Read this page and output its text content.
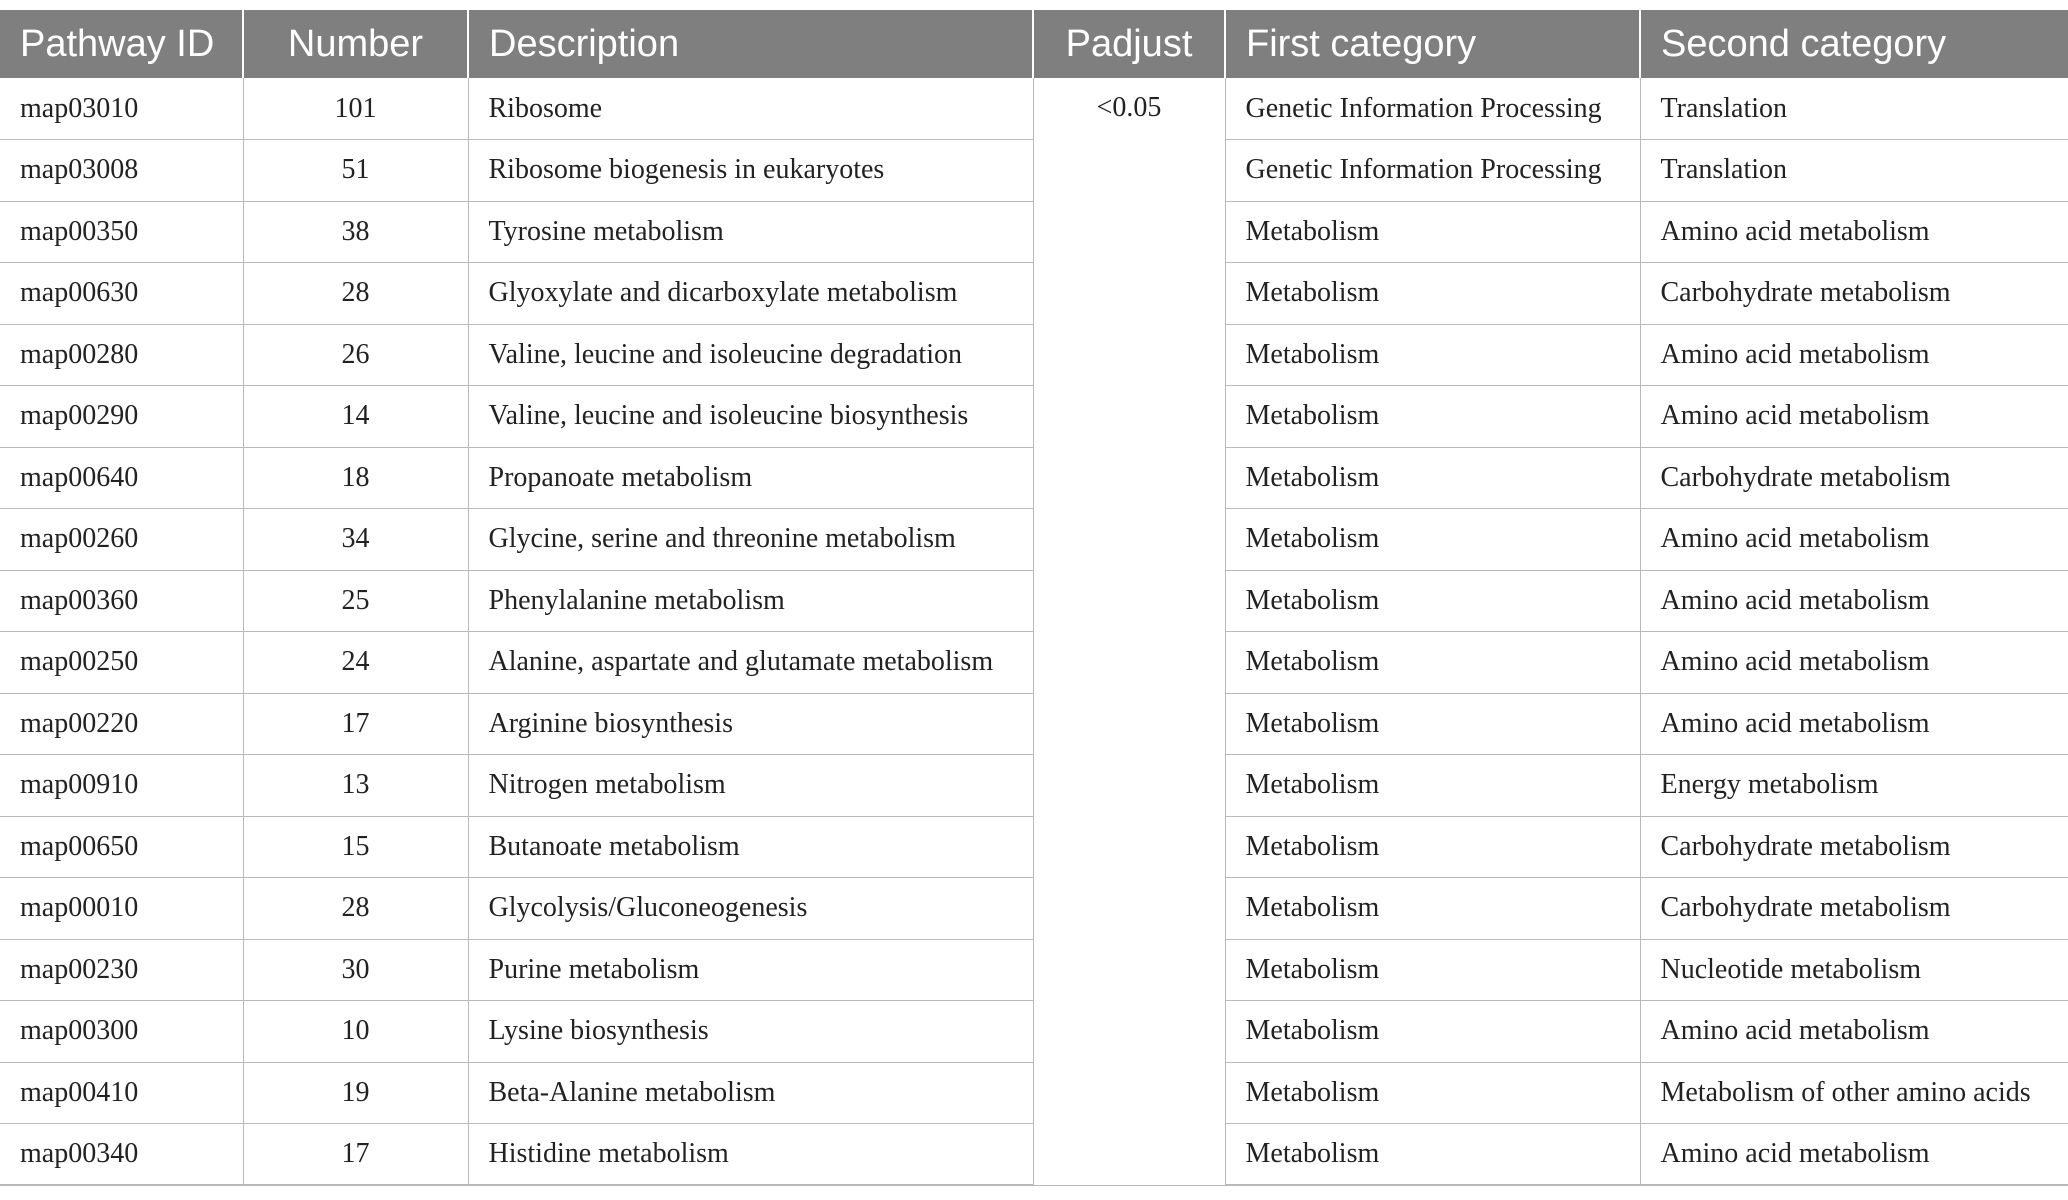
Pathway ID	Number	Description	Padjust	First category	Second category
map03010	101	Ribosome	<0.05	Genetic Information Processing	Translation
map03008	51	Ribosome biogenesis in eukaryotes		Genetic Information Processing	Translation
map00350	38	Tyrosine metabolism		Metabolism	Amino acid metabolism
map00630	28	Glyoxylate and dicarboxylate metabolism		Metabolism	Carbohydrate metabolism
map00280	26	Valine, leucine and isoleucine degradation		Metabolism	Amino acid metabolism
map00290	14	Valine, leucine and isoleucine biosynthesis		Metabolism	Amino acid metabolism
map00640	18	Propanoate metabolism		Metabolism	Carbohydrate metabolism
map00260	34	Glycine, serine and threonine metabolism		Metabolism	Amino acid metabolism
map00360	25	Phenylalanine metabolism		Metabolism	Amino acid metabolism
map00250	24	Alanine, aspartate and glutamate metabolism		Metabolism	Amino acid metabolism
map00220	17	Arginine biosynthesis		Metabolism	Amino acid metabolism
map00910	13	Nitrogen metabolism		Metabolism	Energy metabolism
map00650	15	Butanoate metabolism		Metabolism	Carbohydrate metabolism
map00010	28	Glycolysis/Gluconeogenesis		Metabolism	Carbohydrate metabolism
map00230	30	Purine metabolism		Metabolism	Nucleotide metabolism
map00300	10	Lysine biosynthesis		Metabolism	Amino acid metabolism
map00410	19	Beta-Alanine metabolism		Metabolism	Metabolism of other amino acids
map00340	17	Histidine metabolism		Metabolism	Amino acid metabolism
